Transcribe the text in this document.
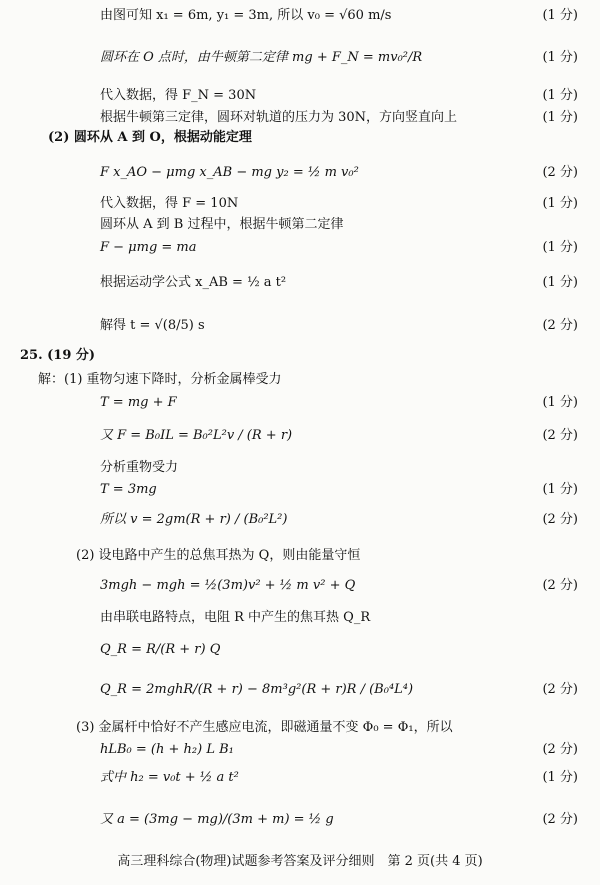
由图可知 x₁ = 6m, y₁ = 3m, 所以 v₀ = √60 m/s	(1 分)
圆环在 O 点时，由牛顿第二定律 mg + F_N = mv₀²/R	(1 分)
代入数据，得 F_N = 30N	(1 分)
根据牛顿第三定律，圆环对轨道的压力为 30N，方向竖直向上	(1 分)
(2) 圆环从 A 到 O，根据动能定理
F x_AO − μmg x_AB − mg y₂ = ½ m v₀²	(2 分)
代入数据，得 F = 10N	(1 分)
圆环从 A 到 B 过程中，根据牛顿第二定律
F − μmg = ma	(1 分)
根据运动学公式 x_AB = ½ a t²	(1 分)
解得 t = √(8/5) s	(2 分)
25. (19 分)
解：(1) 重物匀速下降时，分析金属棒受力
T = mg + F	(1 分)
又 F = B₀IL = B₀²L²v / (R + r)	(2 分)
分析重物受力
T = 3mg	(1 分)
所以 v = 2gm(R + r) / (B₀²L²)	(2 分)
(2) 设电路中产生的总焦耳热为 Q，则由能量守恒
3mgh − mgh = ½(3m)v² + ½ m v² + Q	(2 分)
由串联电路特点，电阻 R 中产生的焦耳热 Q_R
Q_R = R/(R + r) Q
Q_R = 2mghR/(R + r) − 8m³g²(R + r)R / (B₀⁴L⁴)	(2 分)
(3) 金属杆中恰好不产生感应电流，即磁通量不变 Φ₀ = Φ₁，所以
hLB₀ = (h + h₂) L B₁	(2 分)
式中 h₂ = v₀t + ½ a t²	(1 分)
又 a = (3mg − mg)/(3m + m) = ½ g	(2 分)
高三理科综合(物理)试题参考答案及评分细则　第 2 页(共 4 页)
